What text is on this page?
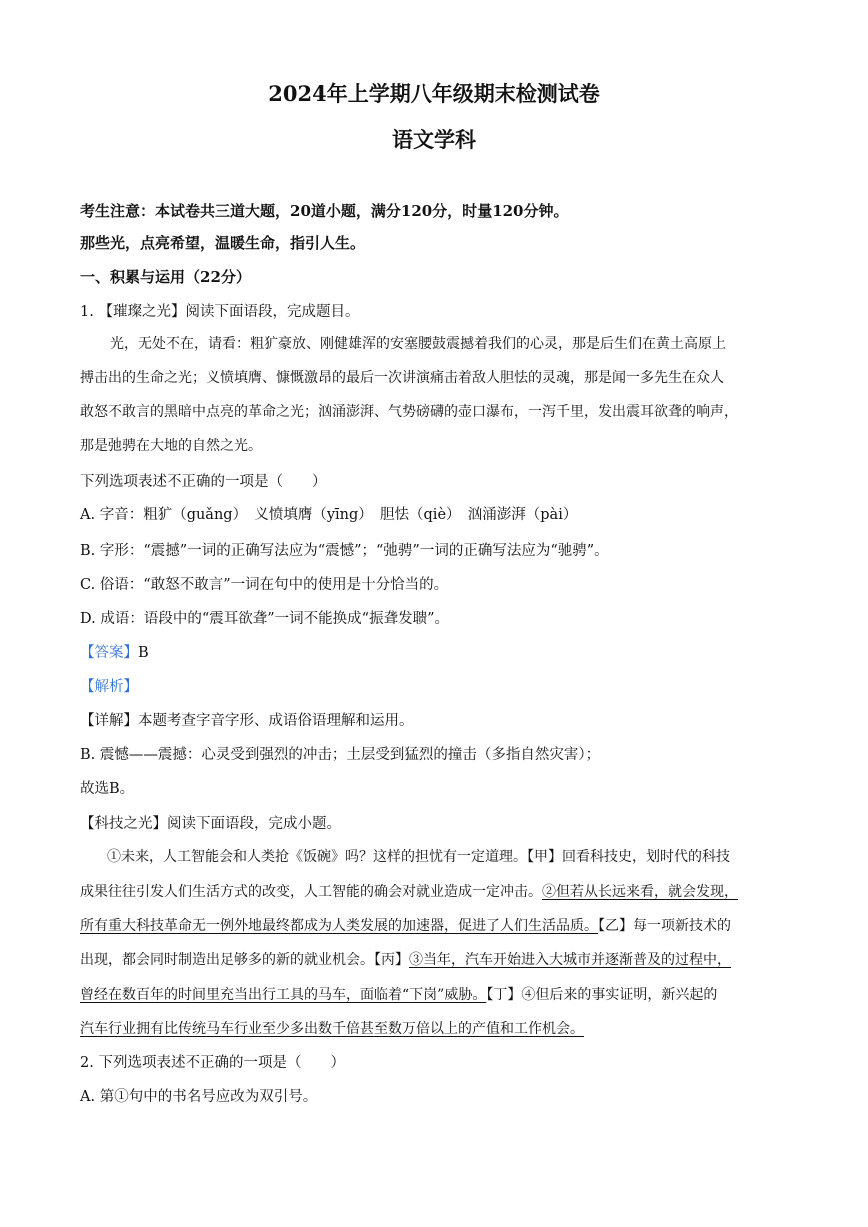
2024年上学期八年级期末检测试卷
语文学科
考生注意：本试卷共三道大题，20道小题，满分120分，时量120分钟。
那些光，点亮希望，温暖生命，指引人生。
一、积累与运用（22分）
1. 【璀璨之光】阅读下面语段，完成题目。
光，无处不在，请看：粗犷豪放、刚健雄浑的安塞腰鼓震撼着我们的心灵，那是后生们在黄土高原上
搏击出的生命之光；义愤填膺、慷慨激昂的最后一次讲演痛击着敌人胆怯的灵魂，那是闻一多先生在众人
敢怒不敢言的黑暗中点亮的革命之光；汹涌澎湃、气势磅礴的壶口瀑布，一泻千里，发出震耳欲聋的响声，
那是弛骋在大地的自然之光。
下列选项表述不正确的一项是（　　）
A. 字音：粗犷（guǎng）　义愤填膺（yīng）　胆怯（qiè）　汹涌澎湃（pài）
B. 字形：“震撼”一词的正确写法应为“震憾”；“弛骋”一词的正确写法应为“驰骋”。
C. 俗语：“敢怒不敢言”一词在句中的使用是十分恰当的。
D. 成语：语段中的“震耳欲聋”一词不能换成“振聋发聩”。
【答案】B
【解析】
【详解】本题考查字音字形、成语俗语理解和运用。
B. 震憾——震撼：心灵受到强烈的冲击；土层受到猛烈的撞击（多指自然灾害）；
故选B。
【科技之光】阅读下面语段，完成小题。
①未来，人工智能会和人类抢《饭碗》吗？这样的担忧有一定道理。【甲】回看科技史，划时代的科技
成果往往引发人们生活方式的改变，人工智能的确会对就业造成一定冲击。②但若从长远来看，就会发现，
所有重大科技革命无一例外地最终都成为人类发展的加速器，促进了人们生活品质。【乙】每一项新技术的
出现，都会同时制造出足够多的新的就业机会。【丙】③当年，汽车开始进入大城市并逐渐普及的过程中，
曾经在数百年的时间里充当出行工具的马车，面临着“下岗”威胁。【丁】④但后来的事实证明，新兴起的
汽车行业拥有比传统马车行业至少多出数千倍甚至数万倍以上的产值和工作机会。
2. 下列选项表述不正确的一项是（　　）
A. 第①句中的书名号应改为双引号。
